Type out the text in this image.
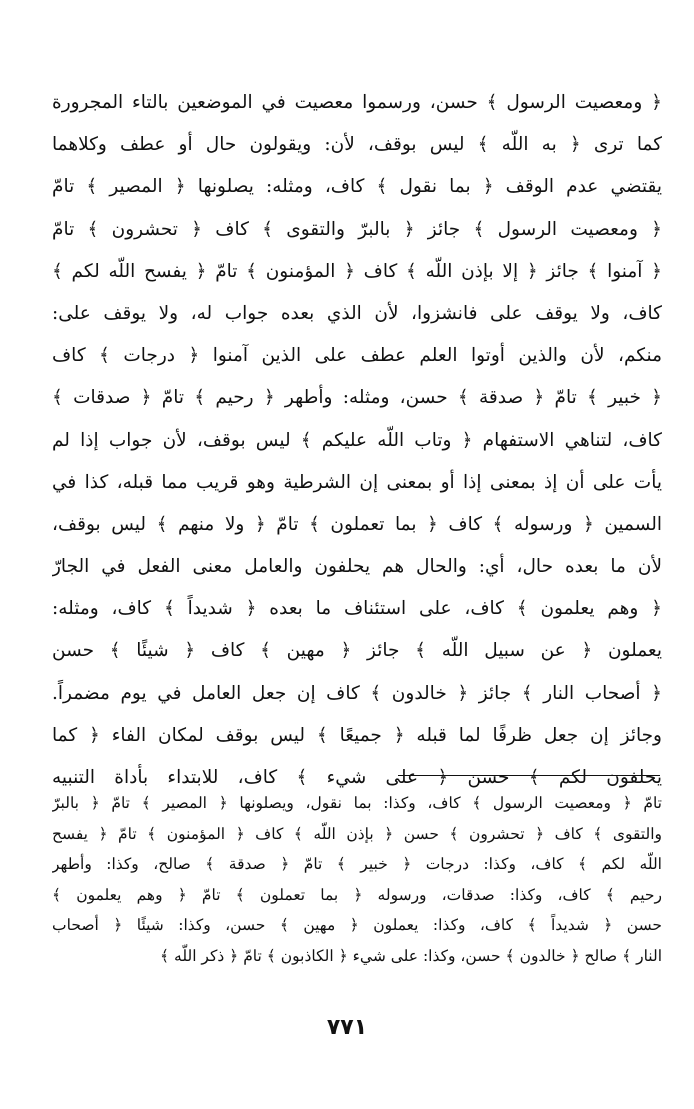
﴿ ومعصيت الرسول ﴾ حسن، ورسموا معصيت في الموضعين بالتاء المجرورة
كما ترى ﴿ به اللّه ﴾ ليس بوقف، لأن: ويقولون حال أو عطف وكلاهما
يقتضي عدم الوقف ﴿ بما نقول ﴾ كاف، ومثله: يصلونها ﴿ المصير ﴾ تامّ
﴿ ومعصيت الرسول ﴾ جائز ﴿ بالبرّ والتقوى ﴾ كاف ﴿ تحشرون ﴾ تامّ
﴿ آمنوا ﴾ جائز ﴿ إلا بإذن اللّه ﴾ كاف ﴿ المؤمنون ﴾ تامّ ﴿ يفسح اللّه لكم ﴾
كاف، ولا يوقف على فانشزوا، لأن الذي بعده جواب له، ولا يوقف على:
منكم، لأن والذين أوتوا العلم عطف على الذين آمنوا ﴿ درجات ﴾ كاف
﴿ خبير ﴾ تامّ ﴿ صدقة ﴾ حسن، ومثله: وأطهر ﴿ رحيم ﴾ تامّ ﴿ صدقات ﴾
كاف، لتناهي الاستفهام ﴿ وتاب اللّه عليكم ﴾ ليس بوقف، لأن جواب إذا لم
يأت على أن إذ بمعنى إذا أو بمعنى إن الشرطية وهو قريب مما قبله، كذا في
السمين ﴿ ورسوله ﴾ كاف ﴿ بما تعملون ﴾ تامّ ﴿ ولا منهم ﴾ ليس بوقف،
لأن ما بعده حال، أي: والحال هم يحلفون والعامل معنى الفعل في الجارّ
﴿ وهم يعلمون ﴾ كاف، على استئناف ما بعده ﴿ شديداً ﴾ كاف، ومثله:
يعملون ﴿ عن سبيل اللّه ﴾ جائز ﴿ مهين ﴾ كاف ﴿ شيئًا ﴾ حسن
﴿ أصحاب النار ﴾ جائز ﴿ خالدون ﴾ كاف إن جعل العامل في يوم مضمراً.
وجائز إن جعل ظرفًا لما قبله ﴿ جميعًا ﴾ ليس بوقف لمكان الفاء ﴿ كما
يحلفون لكم ﴾ حسن ﴿ على شيء ﴾ كاف، للابتداء بأداة التنبيه
تامّ ﴿ ومعصيت الرسول ﴾ كاف، وكذا: بما نقول، ويصلونها ﴿ المصير ﴾ تامّ ﴿ بالبرّ
والتقوى ﴾ كاف ﴿ تحشرون ﴾ حسن ﴿ بإذن اللّه ﴾ كاف ﴿ المؤمنون ﴾ تامّ ﴿ يفسح
اللّه لكم ﴾ كاف، وكذا: درجات ﴿ خبير ﴾ تامّ ﴿ صدقة ﴾ صالح، وكذا: وأطهر
رحيم ﴾ كاف، وكذا: صدقات، ورسوله ﴿ بما تعملون ﴾ تامّ ﴿ وهم يعلمون ﴾
حسن ﴿ شديداً ﴾ كاف، وكذا: يعملون ﴿ مهين ﴾ حسن، وكذا: شيئًا ﴿ أصحاب
النار ﴾ صالح ﴿ خالدون ﴾ حسن، وكذا: على شيء ﴿ الكاذبون ﴾ تامّ ﴿ ذكر اللّه ﴾
٧٧١
